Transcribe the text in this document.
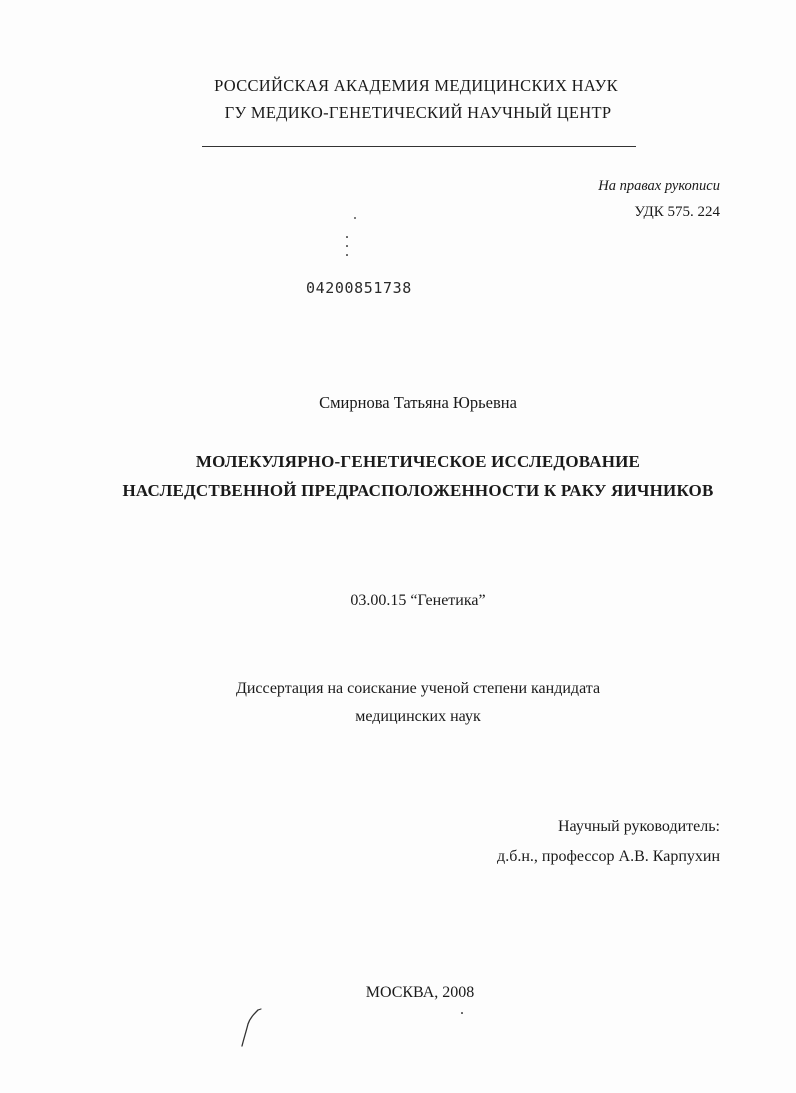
РОССИЙСКАЯ АКАДЕМИЯ МЕДИЦИНСКИХ НАУК
ГУ МЕДИКО-ГЕНЕТИЧЕСКИЙ НАУЧНЫЙ ЦЕНТР
На правах рукописи
УДК 575. 224
04200851738
Смирнова Татьяна Юрьевна
МОЛЕКУЛЯРНО-ГЕНЕТИЧЕСКОЕ ИССЛЕДОВАНИЕ
НАСЛЕДСТВЕННОЙ ПРЕДРАСПОЛОЖЕННОСТИ К РАКУ ЯИЧНИКОВ
03.00.15 “Генетика”
Диссертация на соискание ученой степени кандидата
медицинских наук
Научный руководитель:
д.б.н., профессор А.В. Карпухин
МОСКВА, 2008
